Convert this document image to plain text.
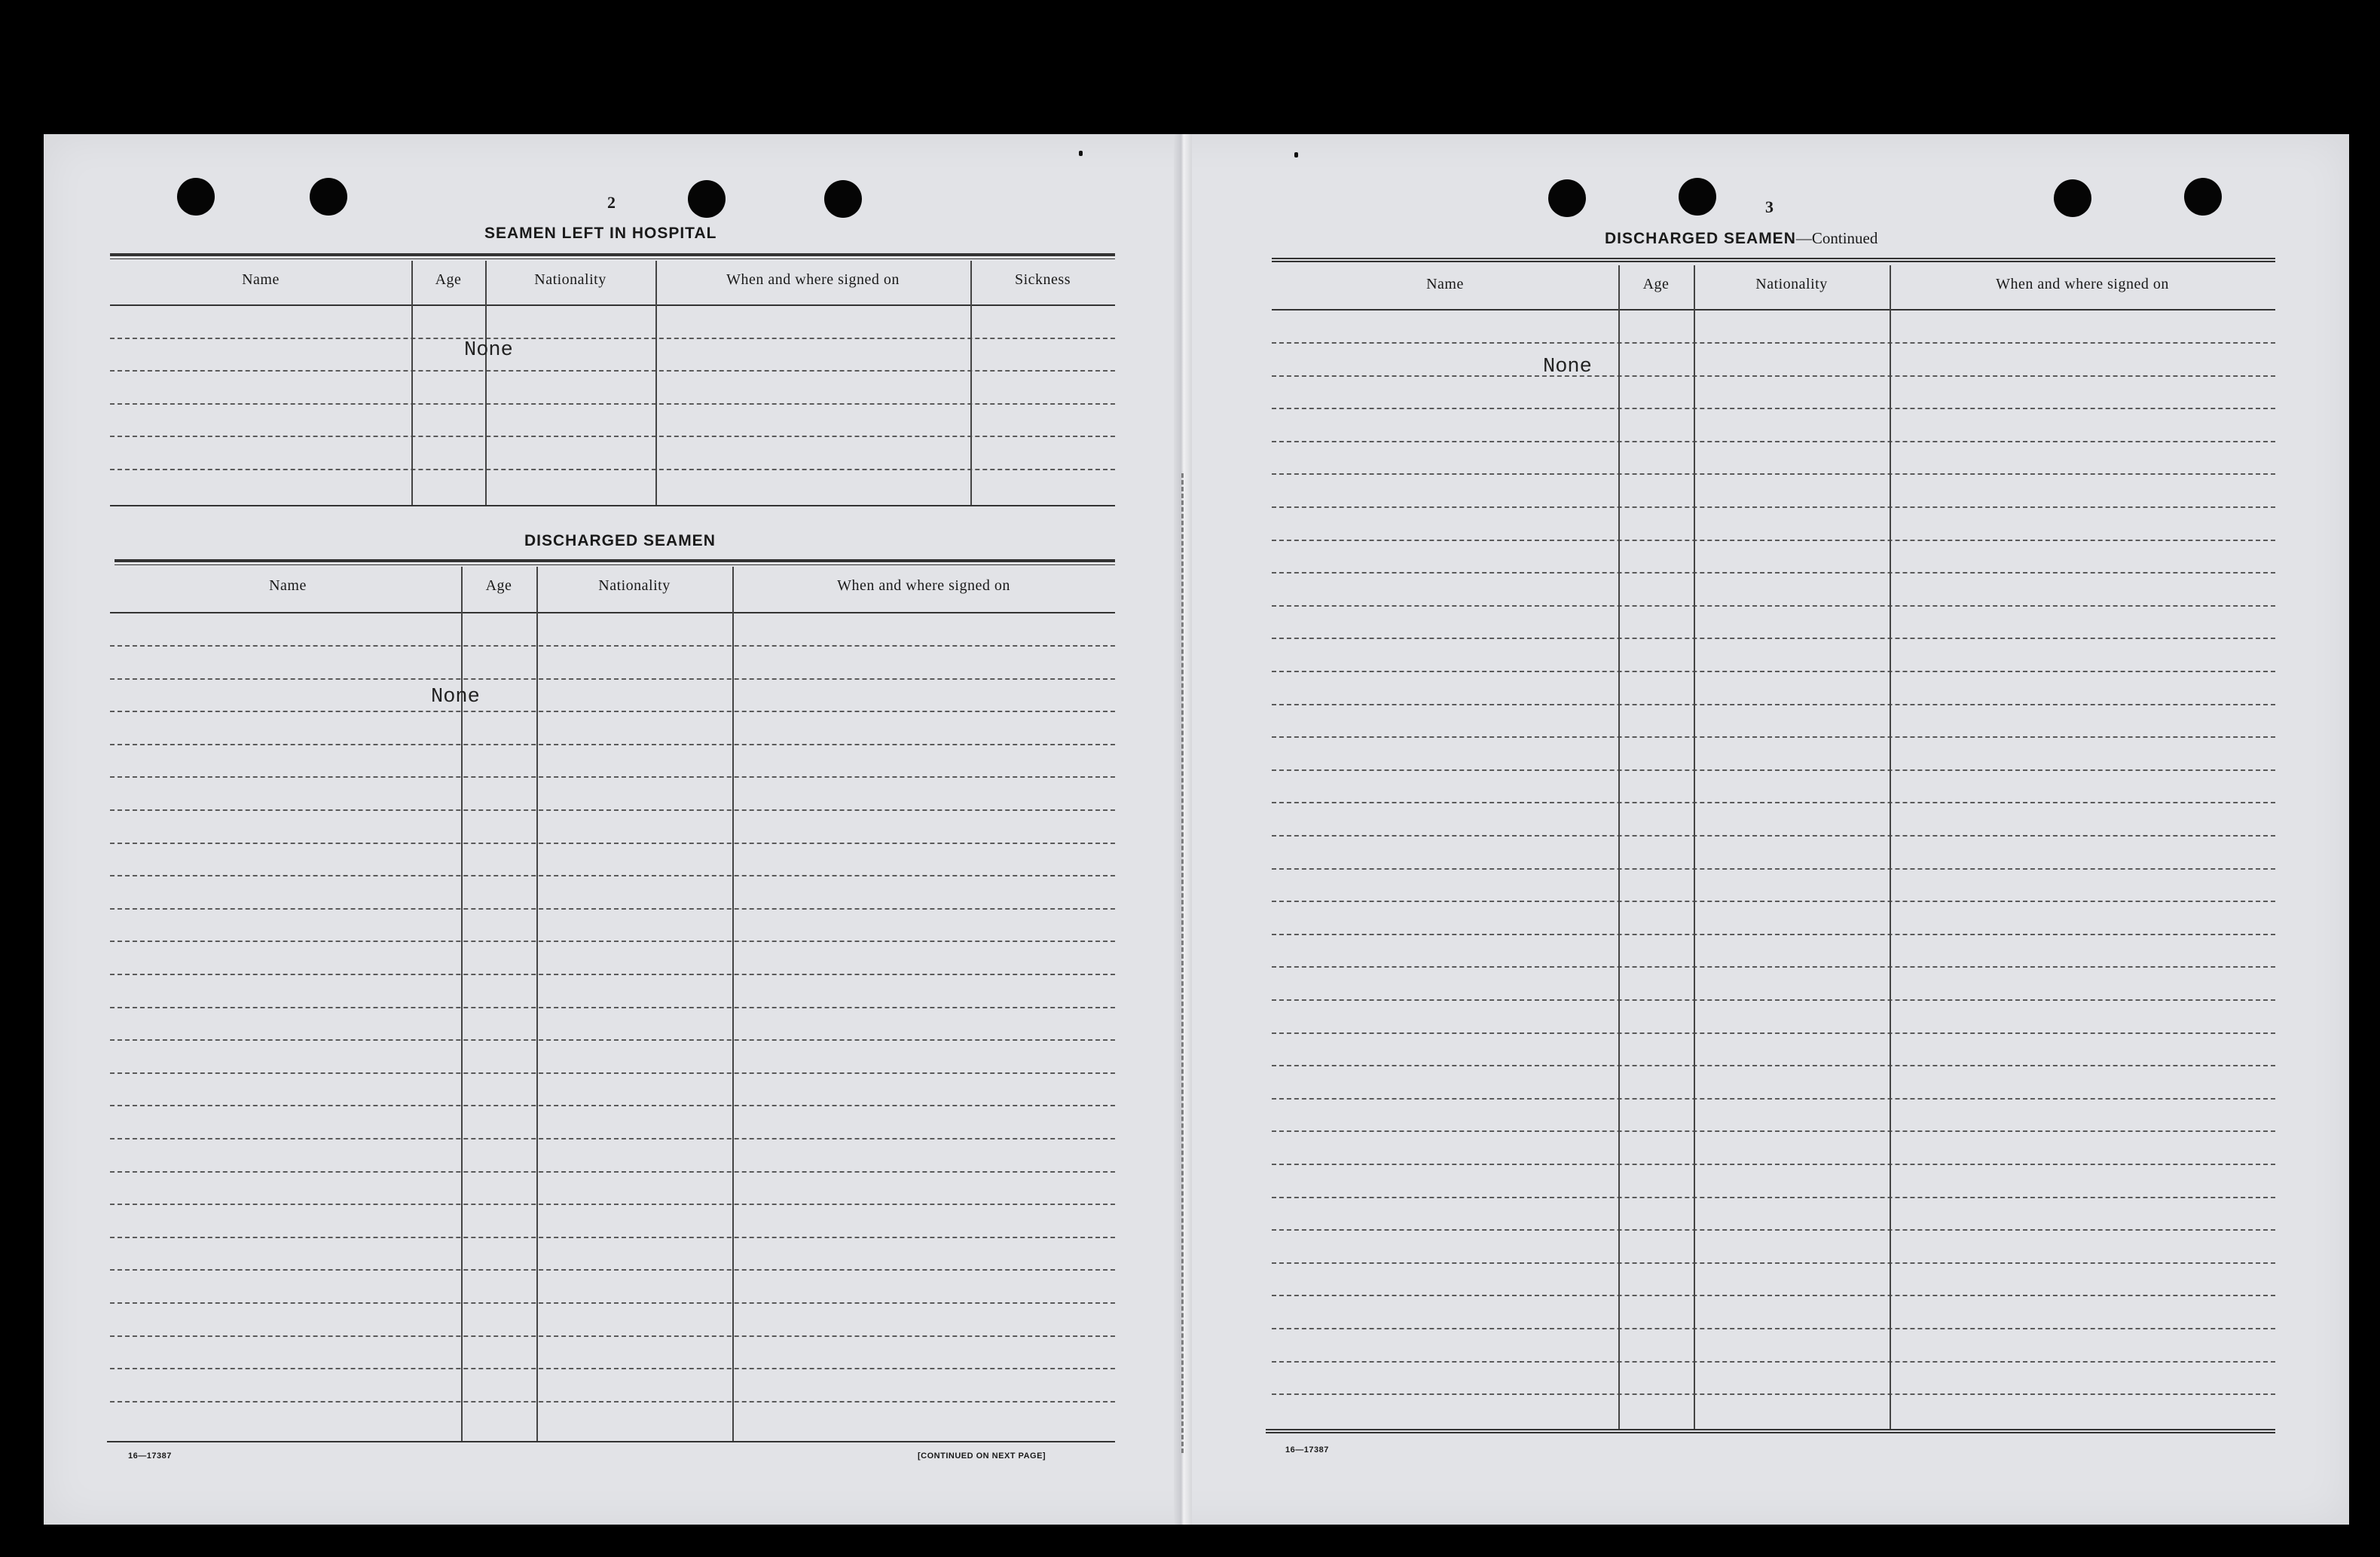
2
SEAMEN LEFT IN HOSPITAL
Name	Age	Nationality	When and where signed on	Sickness
None
DISCHARGED SEAMEN
Name	Age	Nationality	When and where signed on
None
16—17387	[CONTINUED ON NEXT PAGE]
3
DISCHARGED SEAMEN—Continued
Name	Age	Nationality	When and where signed on
None
16—17387
